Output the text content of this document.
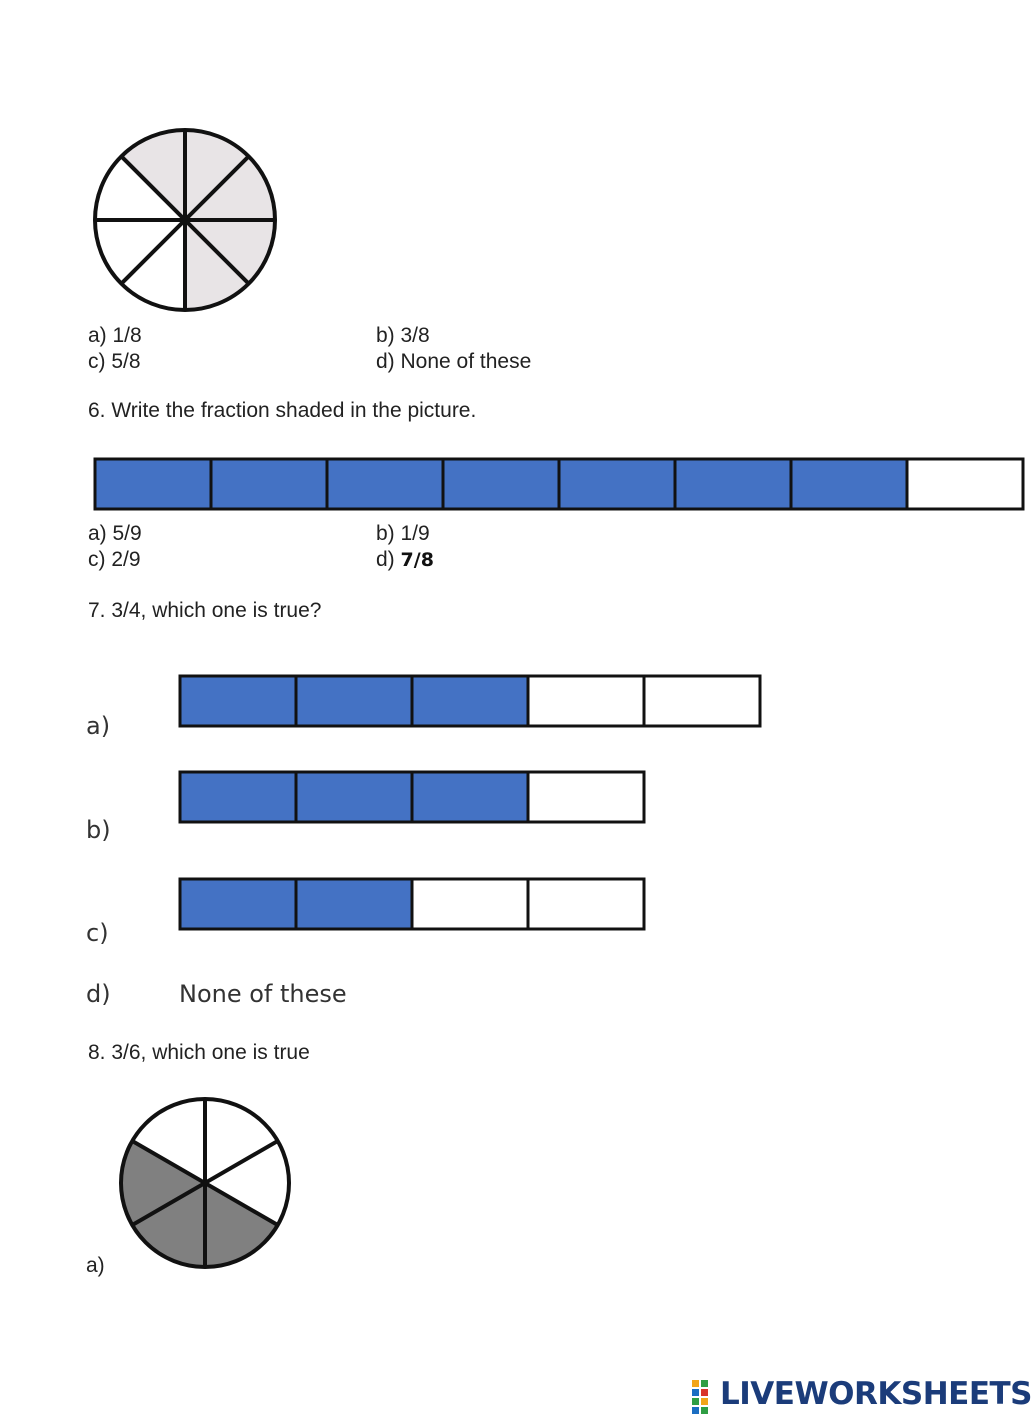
a) 1/8	b) 3/8
c) 5/8	d) None of these
6. Write the fraction shaded in the picture.
a) 5/9	b) 1/9
c) 2/9	d) 7/8
7. 3/4, which one is true?
a)
b)
c)
d)	None of these
8. 3/6, which one is true
a)
LIVEWORKSHEETS
